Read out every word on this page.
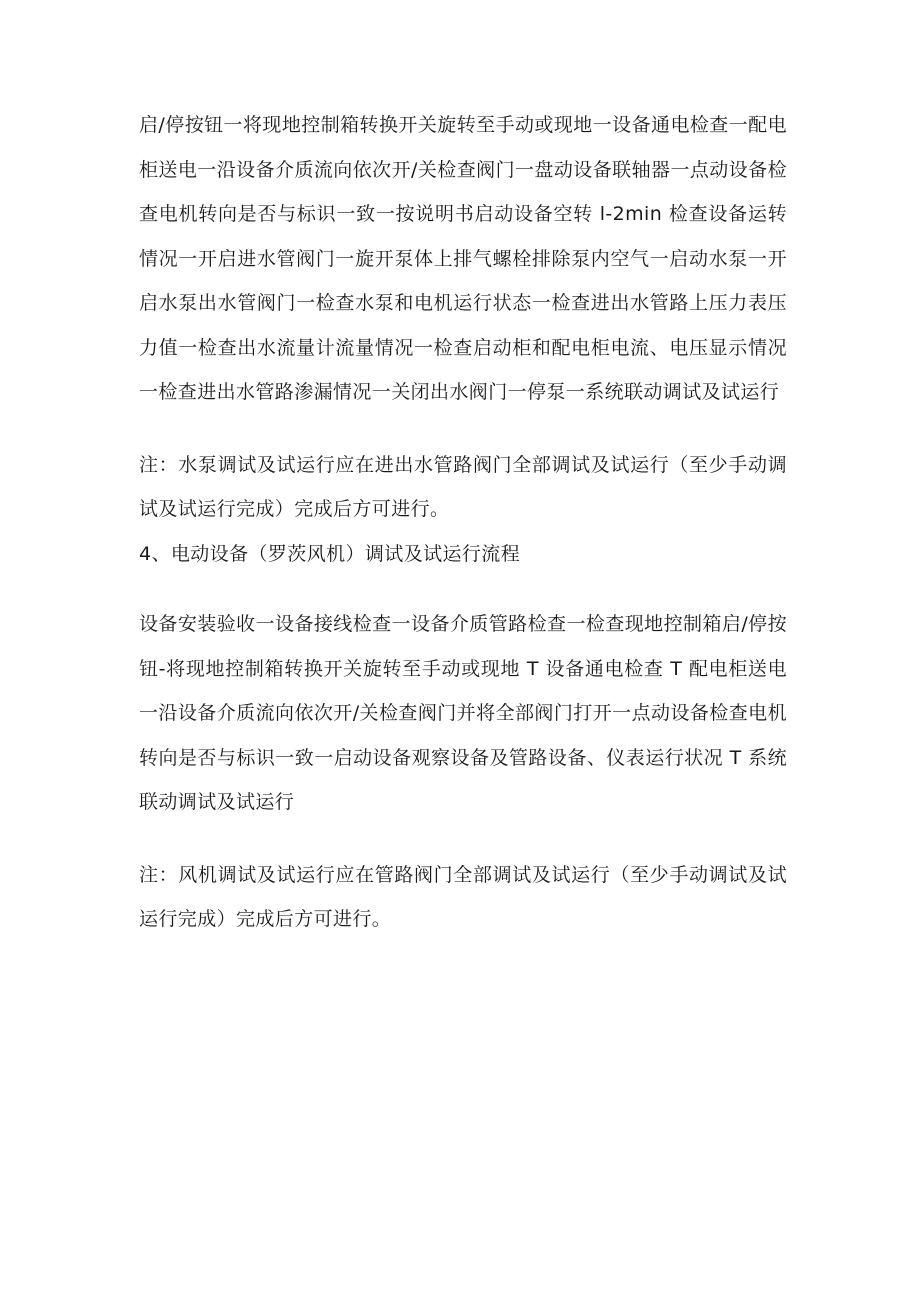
启/停按钮一将现地控制箱转换开关旋转至手动或现地一设备通电检查一配电柜送电一沿设备介质流向依次开/关检查阀门一盘动设备联轴器一点动设备检查电机转向是否与标识一致一按说明书启动设备空转 l-2min 检查设备运转情况一开启进水管阀门一旋开泵体上排气螺栓排除泵内空气一启动水泵一开启水泵出水管阀门一检查水泵和电机运行状态一检查进出水管路上压力表压力值一检查出水流量计流量情况一检查启动柜和配电柜电流、电压显示情况一检查进出水管路渗漏情况一关闭出水阀门一停泵一系统联动调试及试运行

注：水泵调试及试运行应在进出水管路阀门全部调试及试运行（至少手动调试及试运行完成）完成后方可进行。

4、电动设备（罗茨风机）调试及试运行流程

设备安装验收一设备接线检查一设备介质管路检查一检查现地控制箱启/停按钮-将现地控制箱转换开关旋转至手动或现地 T 设备通电检查 T 配电柜送电一沿设备介质流向依次开/关检查阀门并将全部阀门打开一点动设备检查电机转向是否与标识一致一启动设备观察设备及管路设备、仪表运行状况 T 系统联动调试及试运行

注：风机调试及试运行应在管路阀门全部调试及试运行（至少手动调试及试运行完成）完成后方可进行。
